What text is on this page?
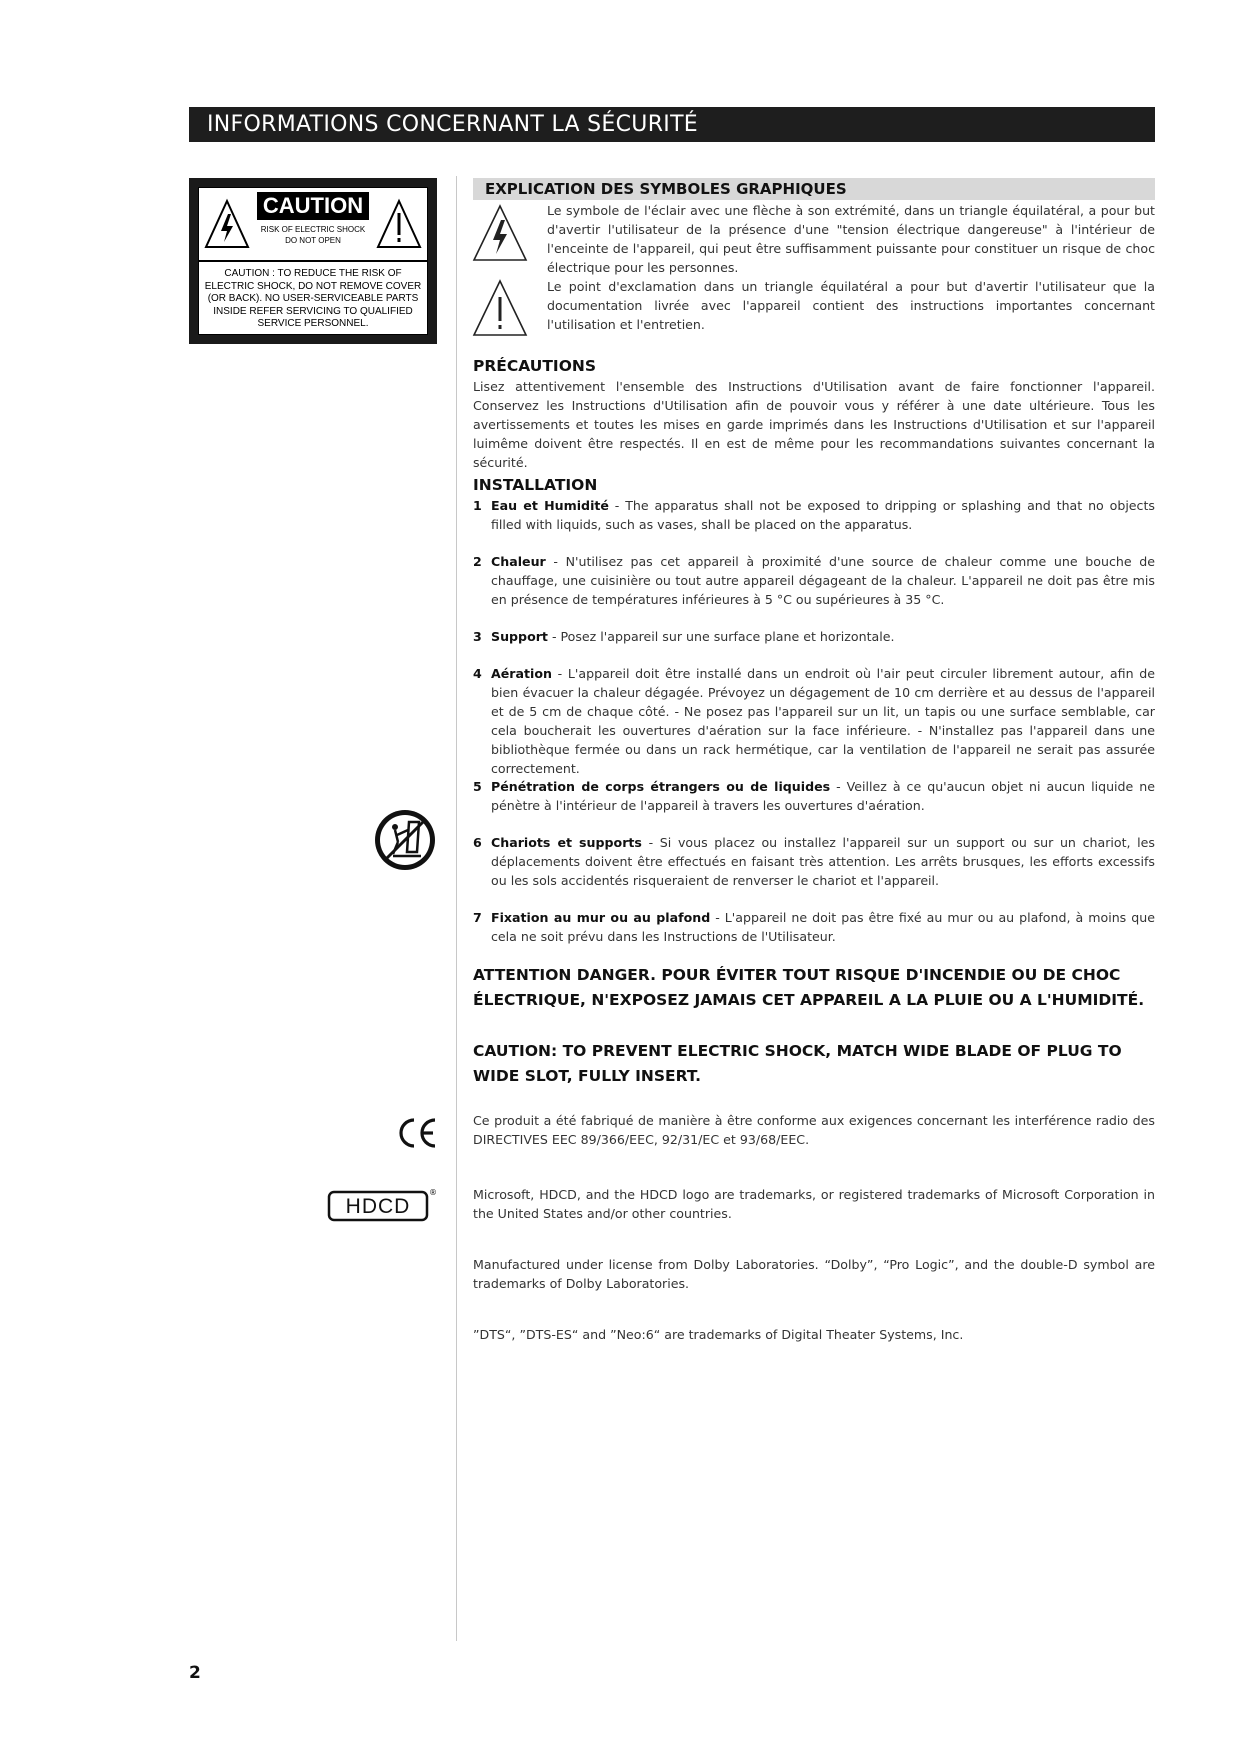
INFORMATIONS CONCERNANT LA SÉCURITÉ
CAUTION
RISK OF ELECTRIC SHOCK DO NOT OPEN
CAUTION : TO REDUCE THE RISK OF ELECTRIC SHOCK, DO NOT REMOVE COVER (OR BACK). NO USER-SERVICEABLE PARTS INSIDE REFER SERVICING TO QUALIFIED SERVICE PERSONNEL.
EXPLICATION DES SYMBOLES GRAPHIQUES
Le symbole de l'éclair avec une flèche à son extrémité, dans un triangle équilatéral, a pour but d'avertir l'utilisateur de la présence d'une "tension électrique dangereuse" à l'intérieur de l'enceinte de l'appareil, qui peut être suffisamment puissante pour constituer un risque de choc électrique pour les personnes.
Le point d'exclamation dans un triangle équilatéral a pour but d'avertir l'utilisateur que la documentation livrée avec l'appareil contient des instructions importantes concernant l'utilisation et l'entretien.
PRÉCAUTIONS
Lisez attentivement l'ensemble des Instructions d'Utilisation avant de faire fonctionner l'appareil. Conservez les Instructions d'Utilisation afin de pouvoir vous y référer à une date ultérieure. Tous les avertissements et toutes les mises en garde imprimés dans les Instructions d'Utilisation et sur l'appareil luimême doivent être respectés. Il en est de même pour les recommandations suivantes concernant la sécurité.
INSTALLATION
1 Eau et Humidité - The apparatus shall not be exposed to dripping or splashing and that no objects filled with liquids, such as vases, shall be placed on the apparatus.
2 Chaleur - N'utilisez pas cet appareil à proximité d'une source de chaleur comme une bouche de chauffage, une cuisinière ou tout autre appareil dégageant de la chaleur. L'appareil ne doit pas être mis en présence de températures inférieures à 5 °C ou supérieures à 35 °C.
3 Support - Posez l'appareil sur une surface plane et horizontale.
4 Aération - L'appareil doit être installé dans un endroit où l'air peut circuler librement autour, afin de bien évacuer la chaleur dégagée. Prévoyez un dégagement de 10 cm derrière et au dessus de l'appareil et de 5 cm de chaque côté. - Ne posez pas l'appareil sur un lit, un tapis ou une surface semblable, car cela boucherait les ouvertures d'aération sur la face inférieure. - N'installez pas l'appareil dans une bibliothèque fermée ou dans un rack hermétique, car la ventilation de l'appareil ne serait pas assurée correctement.
5 Pénétration de corps étrangers ou de liquides - Veillez à ce qu'aucun objet ni aucun liquide ne pénètre à l'intérieur de l'appareil à travers les ouvertures d'aération.
6 Chariots et supports - Si vous placez ou installez l'appareil sur un support ou sur un chariot, les déplacements doivent être effectués en faisant très attention. Les arrêts brusques, les efforts excessifs ou les sols accidentés risqueraient de renverser le chariot et l'appareil.
7 Fixation au mur ou au plafond - L'appareil ne doit pas être fixé au mur ou au plafond, à moins que cela ne soit prévu dans les Instructions de l'Utilisateur.
ATTENTION DANGER. POUR ÉVITER TOUT RISQUE D'INCENDIE OU DE CHOC ÉLECTRIQUE, N'EXPOSEZ JAMAIS CET APPAREIL A LA PLUIE OU A L'HUMIDITÉ.
CAUTION: TO PREVENT ELECTRIC SHOCK, MATCH WIDE BLADE OF PLUG TO WIDE SLOT, FULLY INSERT.
Ce produit a été fabriqué de manière à être conforme aux exigences concernant les interférence radio des DIRECTIVES EEC 89/366/EEC, 92/31/EC et 93/68/EEC.
Microsoft, HDCD, and the HDCD logo are trademarks, or registered trademarks of Microsoft Corporation in the United States and/or other countries.
Manufactured under license from Dolby Laboratories. “Dolby”, “Pro Logic”, and the double-D symbol are trademarks of Dolby Laboratories.
”DTS“, ”DTS-ES“ and ”Neo:6“ are trademarks of Digital Theater Systems, Inc.
HDCD
®
2
